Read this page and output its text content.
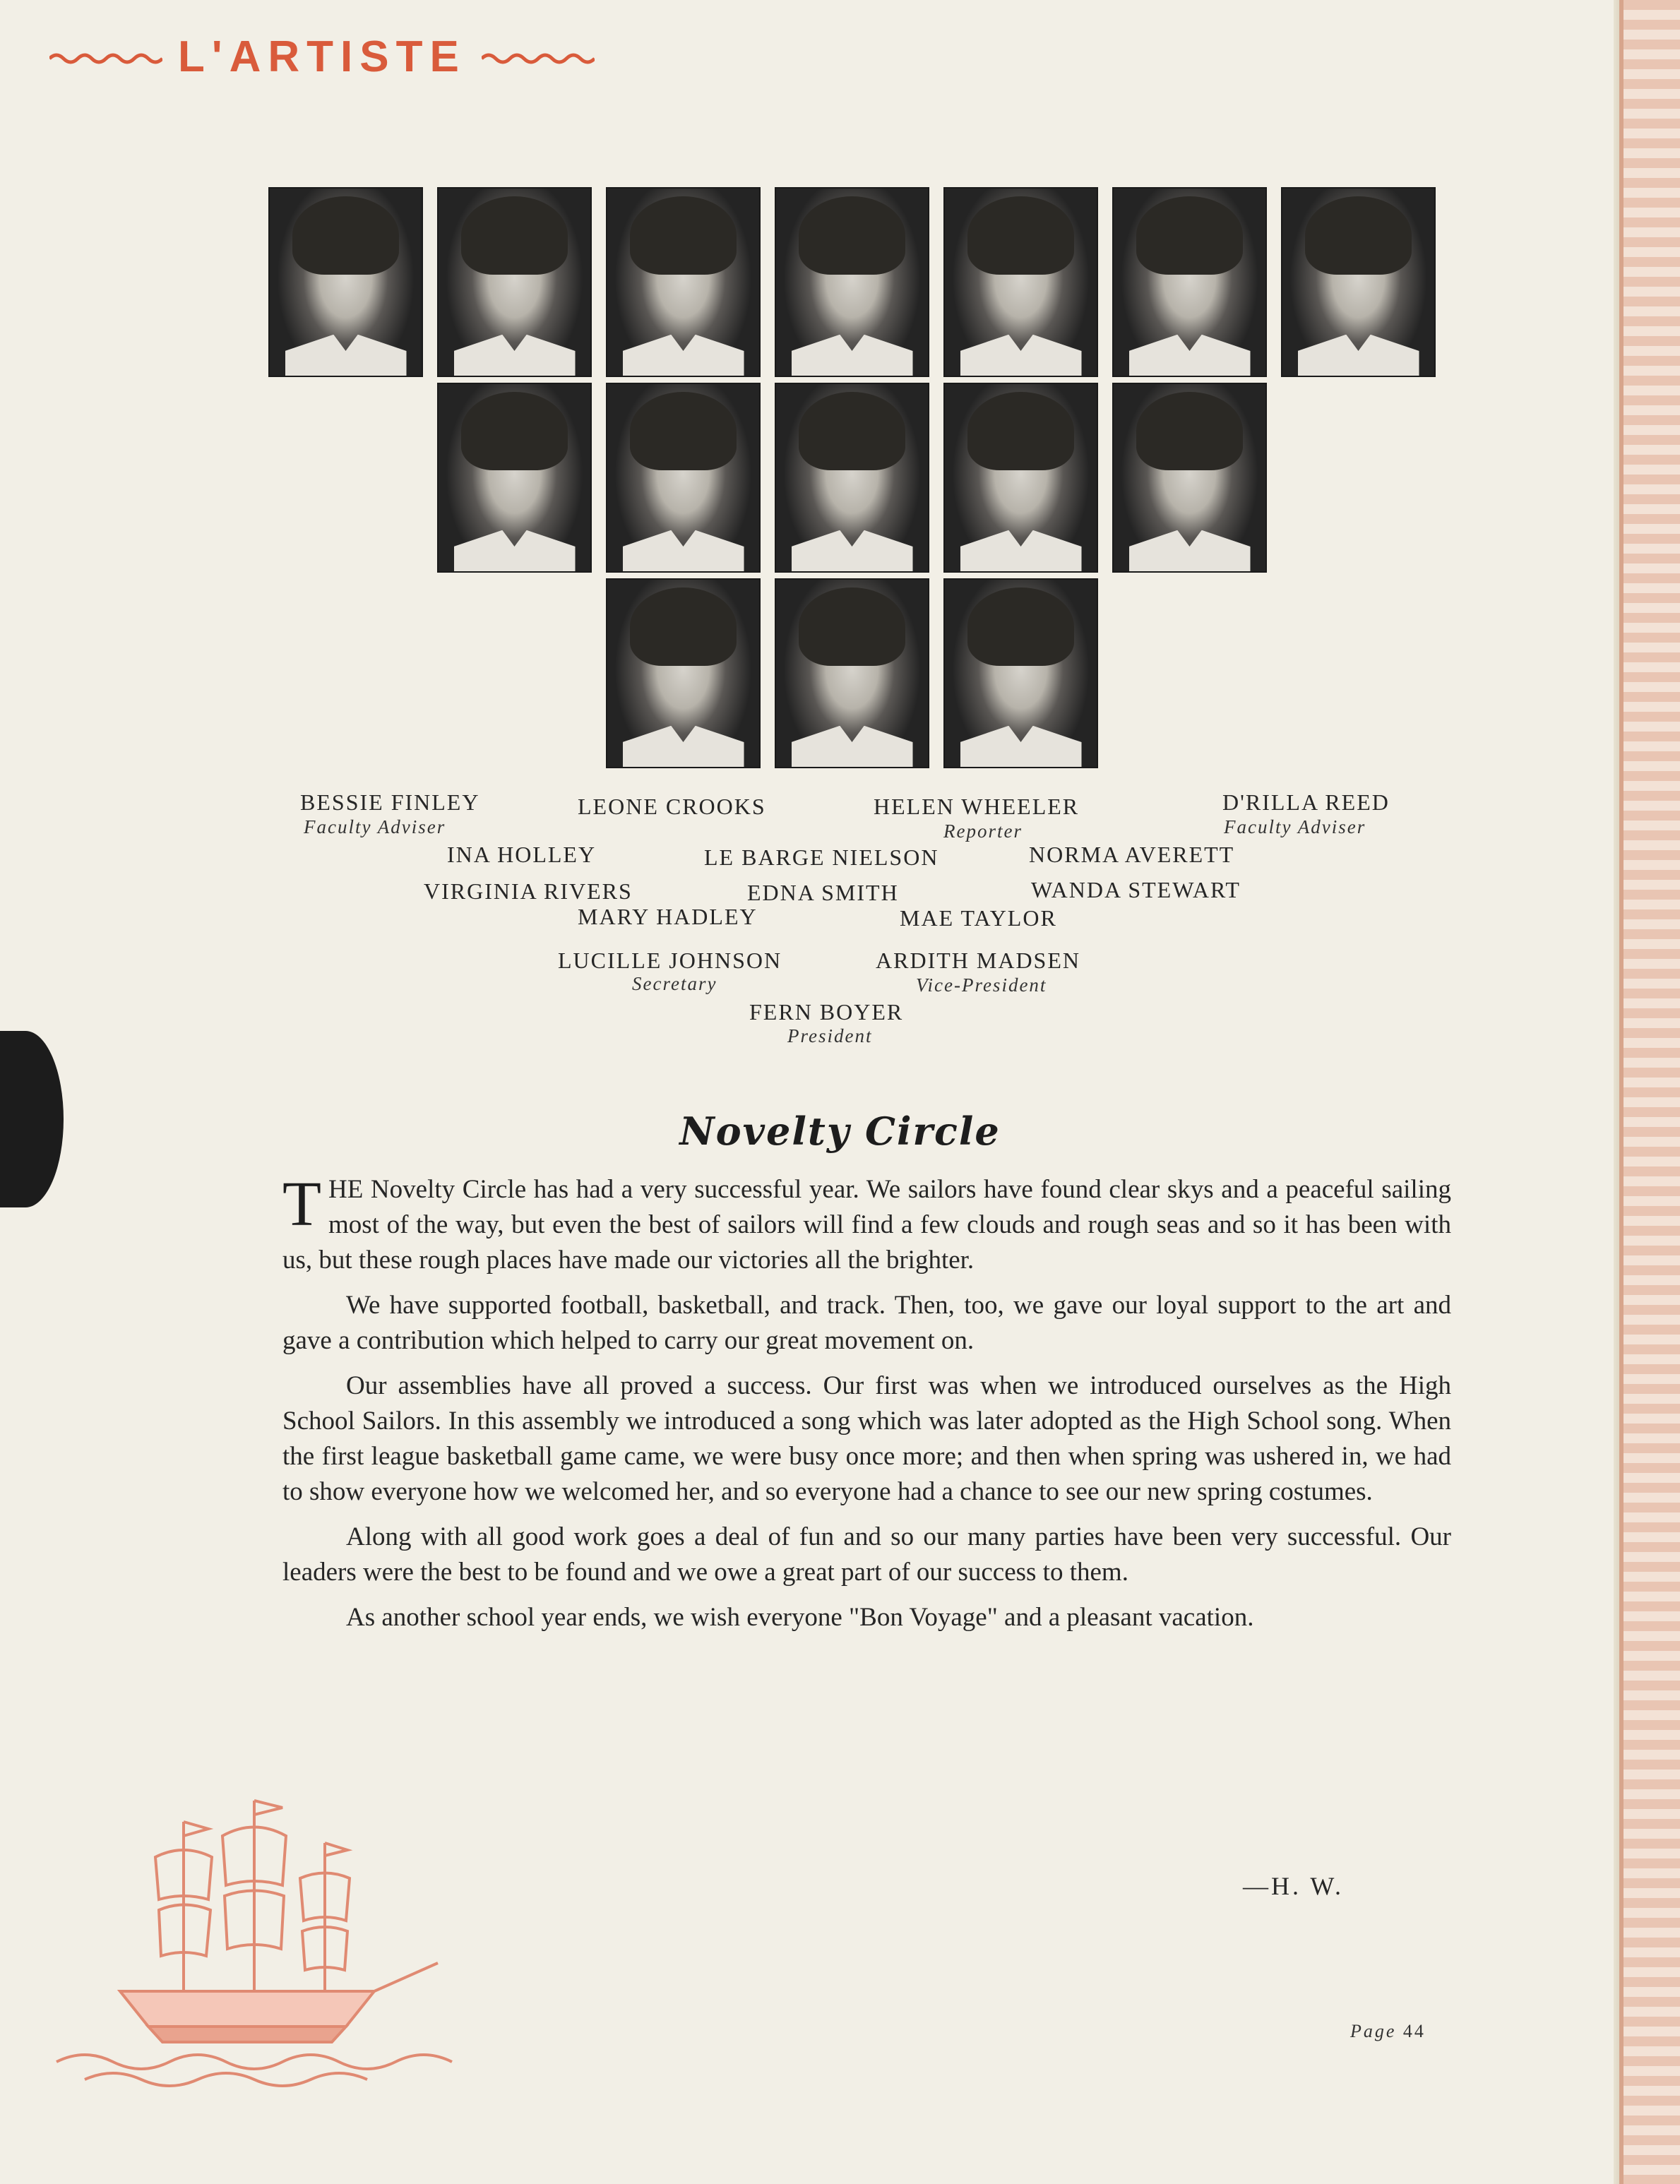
L'ARTISTE
BESSIE FINLEY
Faculty Adviser
LEONE CROOKS	HELEN WHEELER
Reporter
D'RILLA REED
Faculty Adviser
INA HOLLEY	LE BARGE NIELSON	NORMA AVERETT
VIRGINIA RIVERS	EDNA SMITH	WANDA STEWART
MARY HADLEY	MAE TAYLOR
LUCILLE JOHNSON
Secretary
ARDITH MADSEN
Vice-President
FERN BOYER
President
Novelty Circle

THE Novelty Circle has had a very successful year. We sailors have found clear skys and a peaceful sailing most of the way, but even the best of sailors will find a few clouds and rough seas and so it has been with us, but these rough places have made our victories all the brighter.

We have supported football, basketball, and track. Then, too, we gave our loyal support to the art and gave a contribution which helped to carry our great movement on.

Our assemblies have all proved a success. Our first was when we introduced ourselves as the High School Sailors. In this assembly we introduced a song which was later adopted as the High School song. When the first league basketball game came, we were busy once more; and then when spring was ushered in, we had to show everyone how we welcomed her, and so everyone had a chance to see our new spring costumes.

Along with all good work goes a deal of fun and so our many parties have been very successful. Our leaders were the best to be found and we owe a great part of our success to them.

As another school year ends, we wish everyone "Bon Voyage" and a pleasant vacation.

—H. W.
Page 44
